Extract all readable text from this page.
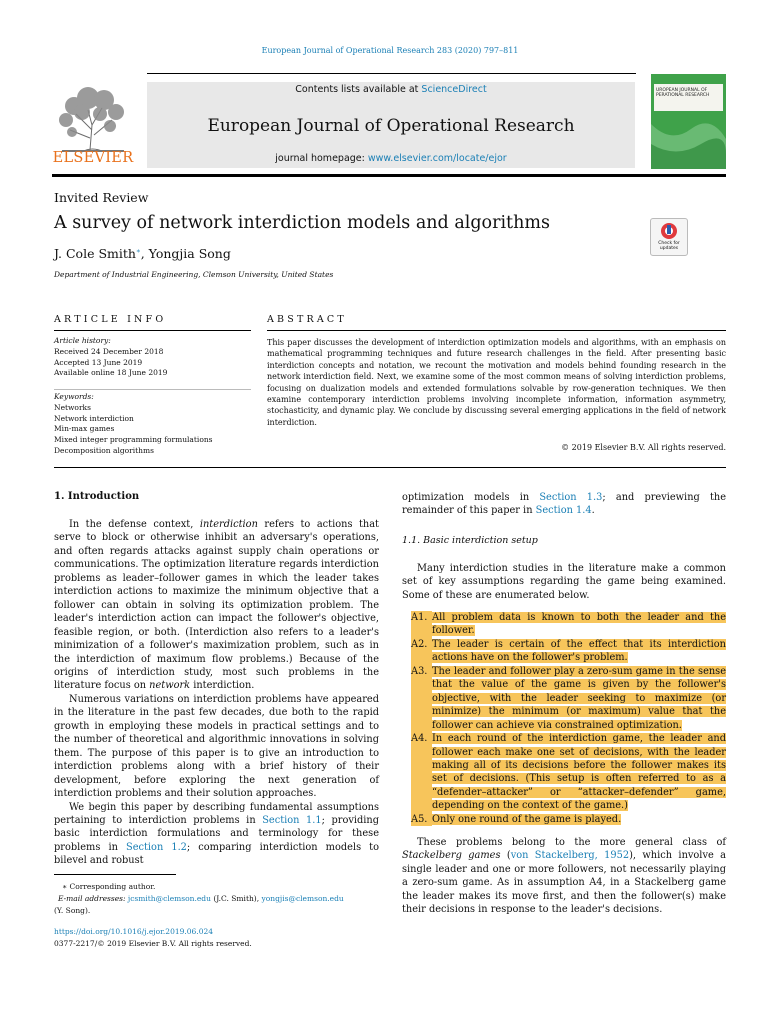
European Journal of Operational Research 283 (2020) 797–811
ELSEVIER
Contents lists available at ScienceDirect
European Journal of Operational Research
journal homepage: www.elsevier.com/locate/ejor
UROPEAN JOURNAL OF
PERATIONAL RESEARCH
Invited Review
A survey of network interdiction models and algorithms
J. Cole Smith∗, Yongjia Song
Department of Industrial Engineering, Clemson University, United States
Check for updates
ARTICLE INFO	ABSTRACT
Article history:
Received 24 December 2018
Accepted 13 June 2019
Available online 18 June 2019
Keywords:
Networks
Network interdiction
Min-max games
Mixed integer programming formulations
Decomposition algorithms
This paper discusses the development of interdiction optimization models and algorithms, with an emphasis on mathematical programming techniques and future research challenges in the field. After presenting basic interdiction concepts and notation, we recount the motivation and models behind founding research in the network interdiction field. Next, we examine some of the most common means of solving interdiction problems, focusing on dualization models and extended formulations solvable by row-generation techniques. We then examine contemporary interdiction problems involving incomplete information, information asymmetry, stochasticity, and dynamic play. We conclude by discussing several emerging applications in the field of network interdiction.
© 2019 Elsevier B.V. All rights reserved.
1. Introduction

In the defense context, interdiction refers to actions that serve to block or otherwise inhibit an adversary's operations, and often regards attacks against supply chain operations or communications. The optimization literature regards interdiction problems as leader–follower games in which the leader takes interdiction actions to maximize the minimum objective that a follower can obtain in solving its optimization problem. The leader's interdiction action can impact the follower's objective, feasible region, or both. (Interdiction also refers to a leader's minimization of a follower's maximization problem, such as in the interdiction of maximum flow problems.) Because of the origins of interdiction study, most such problems in the literature focus on network interdiction.

Numerous variations on interdiction problems have appeared in the literature in the past few decades, due both to the rapid growth in employing these models in practical settings and to the number of theoretical and algorithmic innovations in solving them. The purpose of this paper is to give an introduction to interdiction problems along with a brief history of their development, before exploring the next generation of interdiction problems and their solution approaches.

We begin this paper by describing fundamental assumptions pertaining to interdiction problems in Section 1.1; providing basic interdiction formulations and terminology for these problems in Section 1.2; comparing interdiction models to bilevel and robust

optimization models in Section 1.3; and previewing the remainder of this paper in Section 1.4.
1.1. Basic interdiction setup

Many interdiction studies in the literature make a common set of key assumptions regarding the game being examined. Some of these are enumerated below.

A1. All problem data is known to both the leader and the follower.
A2. The leader is certain of the effect that its interdiction actions have on the follower's problem.
A3. The leader and follower play a zero-sum game in the sense that the value of the game is given by the follower's objective, with the leader seeking to maximize (or minimize) the minimum (or maximum) value that the follower can achieve via constrained optimization.
A4. In each round of the interdiction game, the leader and follower each make one set of decisions, with the leader making all of its decisions before the follower makes its set of decisions. (This setup is often referred to as a “defender–attacker” or “attacker–defender” game, depending on the context of the game.)
A5. Only one round of the game is played.

These problems belong to the more general class of Stackelberg games (von Stackelberg, 1952), which involve a single leader and one or more followers, not necessarily playing a zero-sum game. As in assumption A4, in a Stackelberg game the leader makes its move first, and then the follower(s) make their decisions in response to the leader's decisions.

∗ Corresponding author.
E-mail addresses: jcsmith@clemson.edu (J.C. Smith), yongjis@clemson.edu
(Y. Song).
https://doi.org/10.1016/j.ejor.2019.06.024
0377-2217/© 2019 Elsevier B.V. All rights reserved.
